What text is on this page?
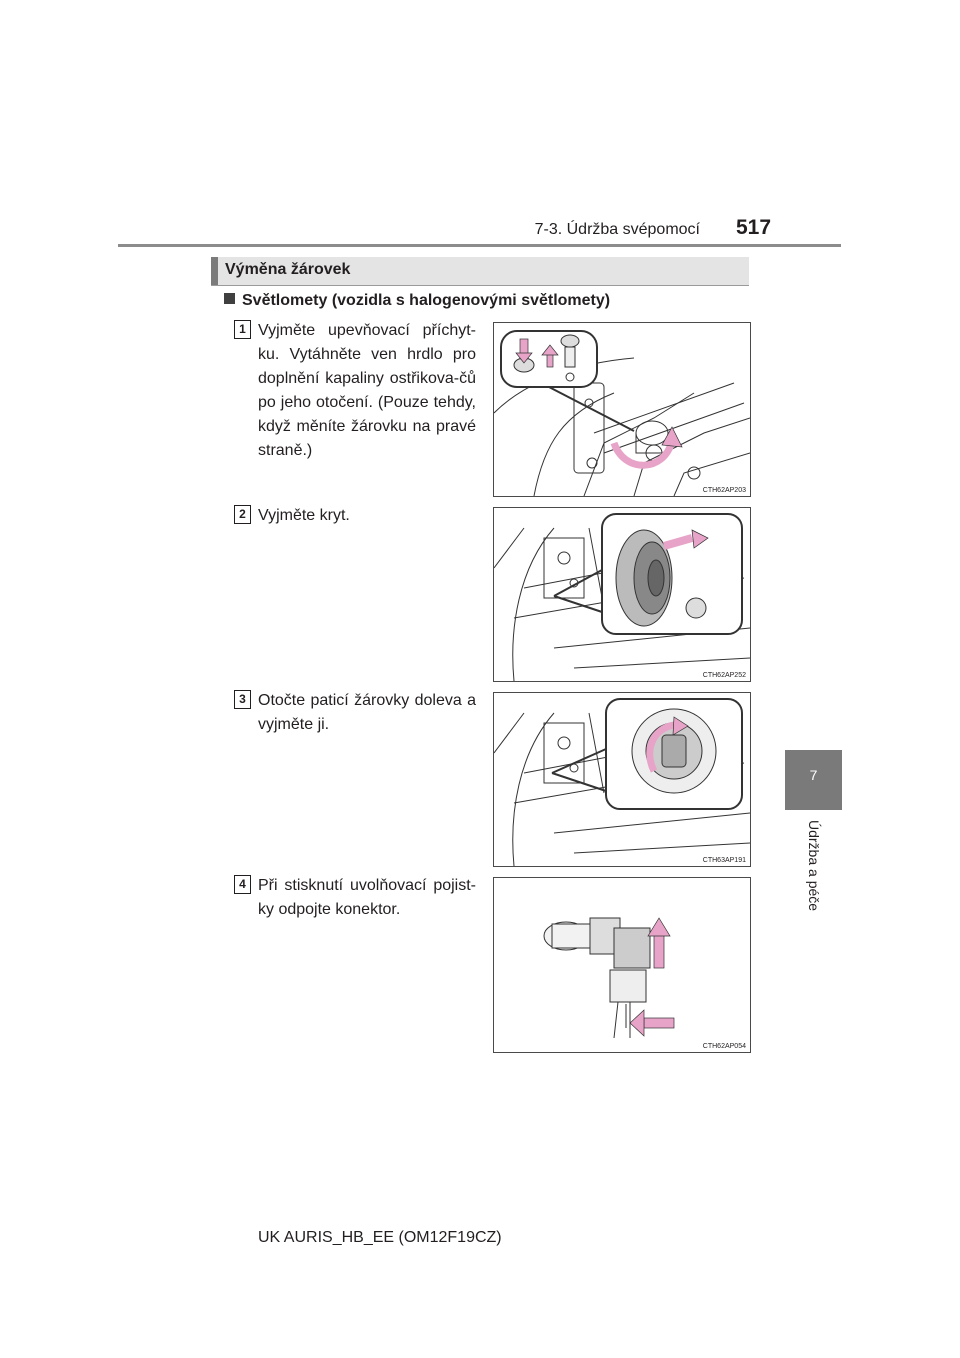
7-3. Údržba svépomocí 517
7
Údržba a péče
Výměna žárovek
Světlomety (vozidla s halogenovými světlomety)
1 Vyjměte upevňovací příchyt-ku. Vytáhněte ven hrdlo pro doplnění kapaliny ostřikova-čů po jeho otočení. (Pouze tehdy, když měníte žárovku na pravé straně.)
CTH62AP203
2 Vyjměte kryt.
CTH62AP252
3 Otočte paticí žárovky doleva a vyjměte ji.
CTH63AP191
4 Při stisknutí uvolňovací pojist-ky odpojte konektor.
CTH62AP054
UK AURIS_HB_EE (OM12F19CZ)
